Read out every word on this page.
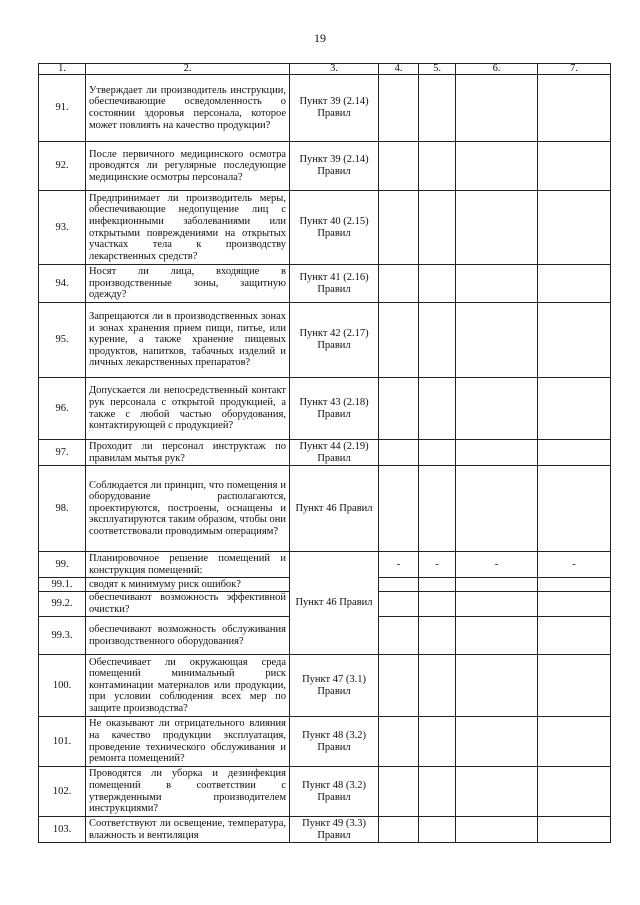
19
1.	2.	3.	4.	5.	6.	7.
91.	Утверждает ли производитель инструкции, обеспечивающие осведомленность о состоянии здоровья персонала, которое может повлиять на качество продукции?	Пункт 39 (2.14) Правил				
92.	После первичного медицинского осмотра проводятся ли регулярные последующие медицинские осмотры персонала?	Пункт 39 (2.14) Правил				
93.	Предпринимает ли производитель меры, обеспечивающие недопущение лиц с инфекционными заболеваниями или открытыми повреждениями на открытых участках тела к производству лекарственных средств?	Пункт 40 (2.15) Правил				
94.	Носят ли лица, входящие в производственные зоны, защитную одежду?	Пункт 41 (2.16) Правил				
95.	Запрещаются ли в производственных зонах и зонах хранения прием пищи, питье, или курение, а также хранение пищевых продуктов, напитков, табачных изделий и личных лекарственных препаратов?	Пункт 42 (2.17) Правил				
96.	Допускается ли непосредственный контакт рук персонала с открытой продукцией, а также с любой частью оборудования, контактирующей с продукцией?	Пункт 43 (2.18) Правил				
97.	Проходит ли персонал инструктаж по правилам мытья рук?	Пункт 44 (2.19) Правил				
98.	Соблюдается ли принцип, что помещения и оборудование располагаются, проектируются, построены, оснащены и эксплуатируются таким образом, чтобы они соответствовали проводимым операциям?	Пункт 46 Правил				
99.	Планировочное решение помещений и конструкция помещений:	Пункт 46 Правил	-	-	-	-
99.1.	сводят к минимуму риск ошибок?					
99.2.	обеспечивают возможность эффективной очистки?					
99.3.	обеспечивают возможность обслуживания производственного оборудования?					
100.	Обеспечивает ли окружающая среда помещений минимальный риск контаминации материалов или продукции, при условии соблюдения всех мер по защите производства?	Пункт 47 (3.1) Правил				
101.	Не оказывают ли отрицательного влияния на качество продукции эксплуатация, проведение технического обслуживания и ремонта помещений?	Пункт 48 (3.2) Правил				
102.	Проводятся ли уборка и дезинфекция помещений в соответствии с утвержденными производителем инструкциями?	Пункт 48 (3.2) Правил				
103.	Соответствуют ли освещение, температура, влажность и вентиляция	Пункт 49 (3.3) Правил				
